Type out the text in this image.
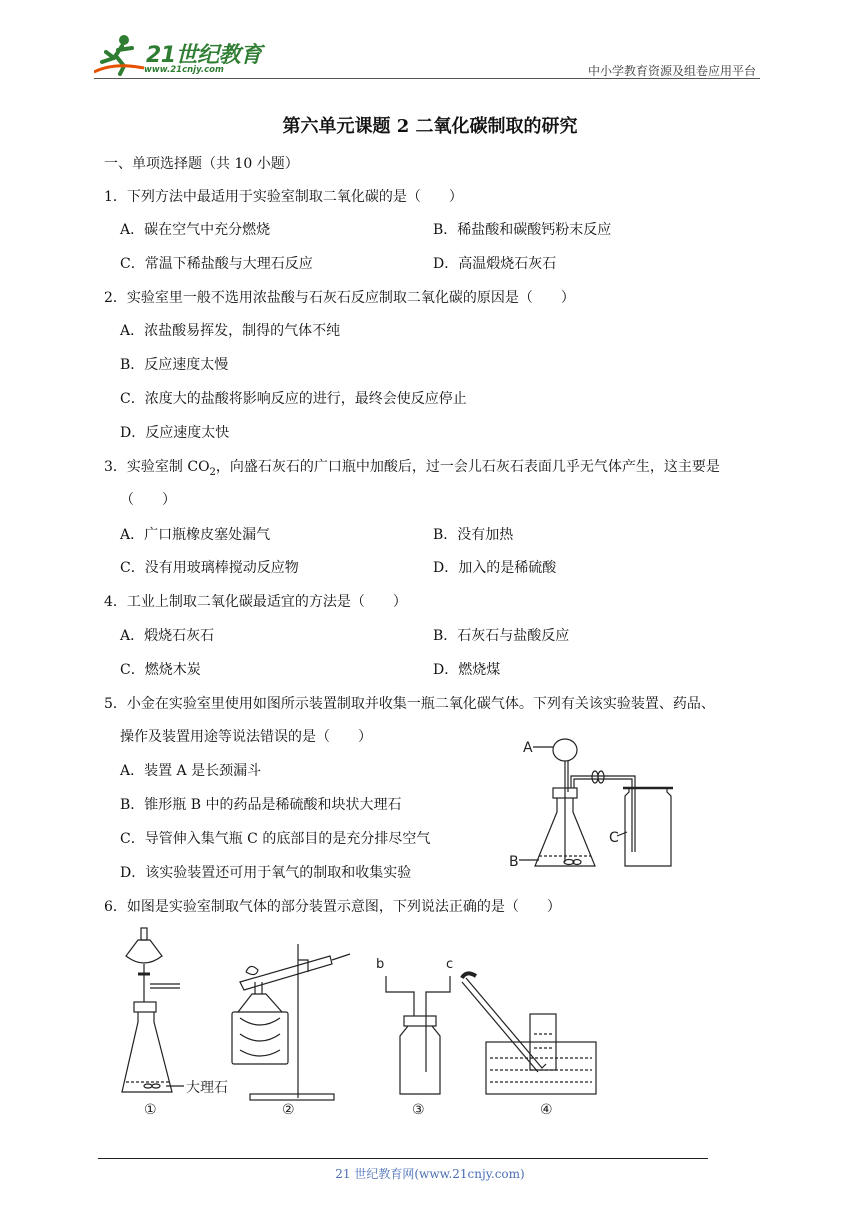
21世纪教育
www.21cnjy.com	中小学教育资源及组卷应用平台
第六单元课题 2 二氧化碳制取的研究
一、单项选择题（共 10 小题）
1．下列方法中最适用于实验室制取二氧化碳的是（　　）
A．碳在空气中充分燃烧	B．稀盐酸和碳酸钙粉末反应
C．常温下稀盐酸与大理石反应	D．高温煅烧石灰石
2．实验室里一般不选用浓盐酸与石灰石反应制取二氧化碳的原因是（　　）
A．浓盐酸易挥发，制得的气体不纯
B．反应速度太慢
C．浓度大的盐酸将影响反应的进行，最终会使反应停止
D．反应速度太快
3．实验室制 $CO_2$，向盛石灰石的广口瓶中加酸后，过一会儿石灰石表面几乎无气体产生，这主要是
（　　）
A．广口瓶橡皮塞处漏气	B．没有加热
C．没有用玻璃棒搅动反应物	D．加入的是稀硫酸
4．工业上制取二氧化碳最适宜的方法是（　　）
A．煅烧石灰石	B．石灰石与盐酸反应
C．燃烧木炭	D．燃烧煤
5．小金在实验室里使用如图所示装置制取并收集一瓶二氧化碳气体。下列有关该实验装置、药品、
操作及装置用途等说法错误的是（　　）
A．装置 A 是长颈漏斗
B．锥形瓶 B 中的药品是稀硫酸和块状大理石
C．导管伸入集气瓶 C 的底部目的是充分排尽空气
D．该实验装置还可用于氧气的制取和收集实验
A
B
C
6．如图是实验室制取气体的部分装置示意图，下列说法正确的是（　　）
大理石
b	c
①	②	③	④
21 世纪教育网(www.21cnjy.com)
